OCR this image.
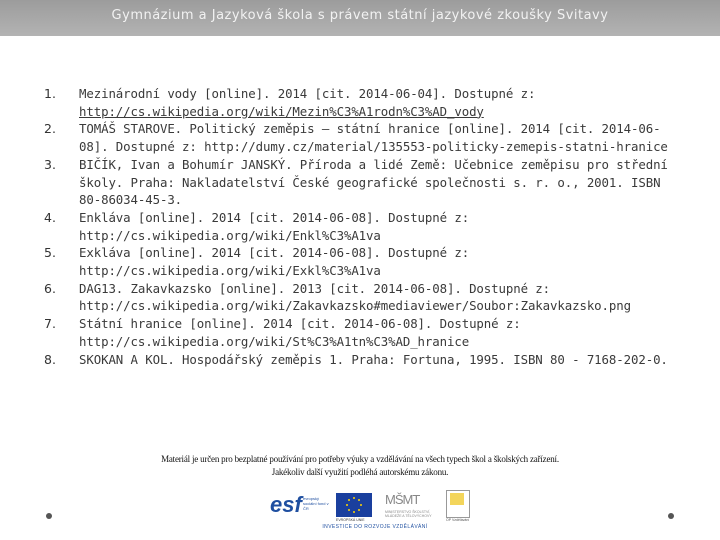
Gymnázium a Jazyková škola s právem státní jazykové zkoušky Svitavy
1. Mezinárodní vody [online]. 2014 [cit. 2014-06-04]. Dostupné z: http://cs.wikipedia.org/wiki/Mezin%C3%A1rodn%C3%AD_vody
2. TOMÁŠ STAROVE. Politický zeměpis – státní hranice [online]. 2014 [cit. 2014-06-08]. Dostupné z: http://dumy.cz/material/135553-politicky-zemepis-statni-hranice
3. BIČÍK, Ivan a Bohumír JANSKÝ. Příroda a lidé Země: Učebnice zeměpisu pro střední školy. Praha: Nakladatelství České geografické společnosti s. r. o., 2001. ISBN 80-86034-45-3.
4. Enkláva [online]. 2014 [cit. 2014-06-08]. Dostupné z: http://cs.wikipedia.org/wiki/Enkl%C3%A1va
5. Exkláva [online]. 2014 [cit. 2014-06-08]. Dostupné z: http://cs.wikipedia.org/wiki/Exkl%C3%A1va
6. DAG13. Zakavkazsko [online]. 2013 [cit. 2014-06-08]. Dostupné z: http://cs.wikipedia.org/wiki/Zakavkazsko#mediaviewer/Soubor:Zakavkazsko.png
7. Státní hranice [online]. 2014 [cit. 2014-06-08]. Dostupné z: http://cs.wikipedia.org/wiki/St%C3%A1tn%C3%AD_hranice
8. SKOKAN A KOL. Hospodářský zeměpis 1. Praha: Fortuna, 1995. ISBN 80 - 7168-202-0.
Materiál je určen pro bezplatné používání pro potřeby výuky a vzdělávání na všech typech škol a školských zařízení.
Jakékoliv další využití podléhá autorskému zákonu.
esf evropský sociální fond v ČR
EVROPSKÁ UNIE
MŠMT
MINISTERSTVO ŠKOLSTVÍ, MLÁDEŽE A TĚLOVÝCHOVY
OP Vzdělávání
INVESTICE DO ROZVOJE VZDĚLÁVÁNÍ
